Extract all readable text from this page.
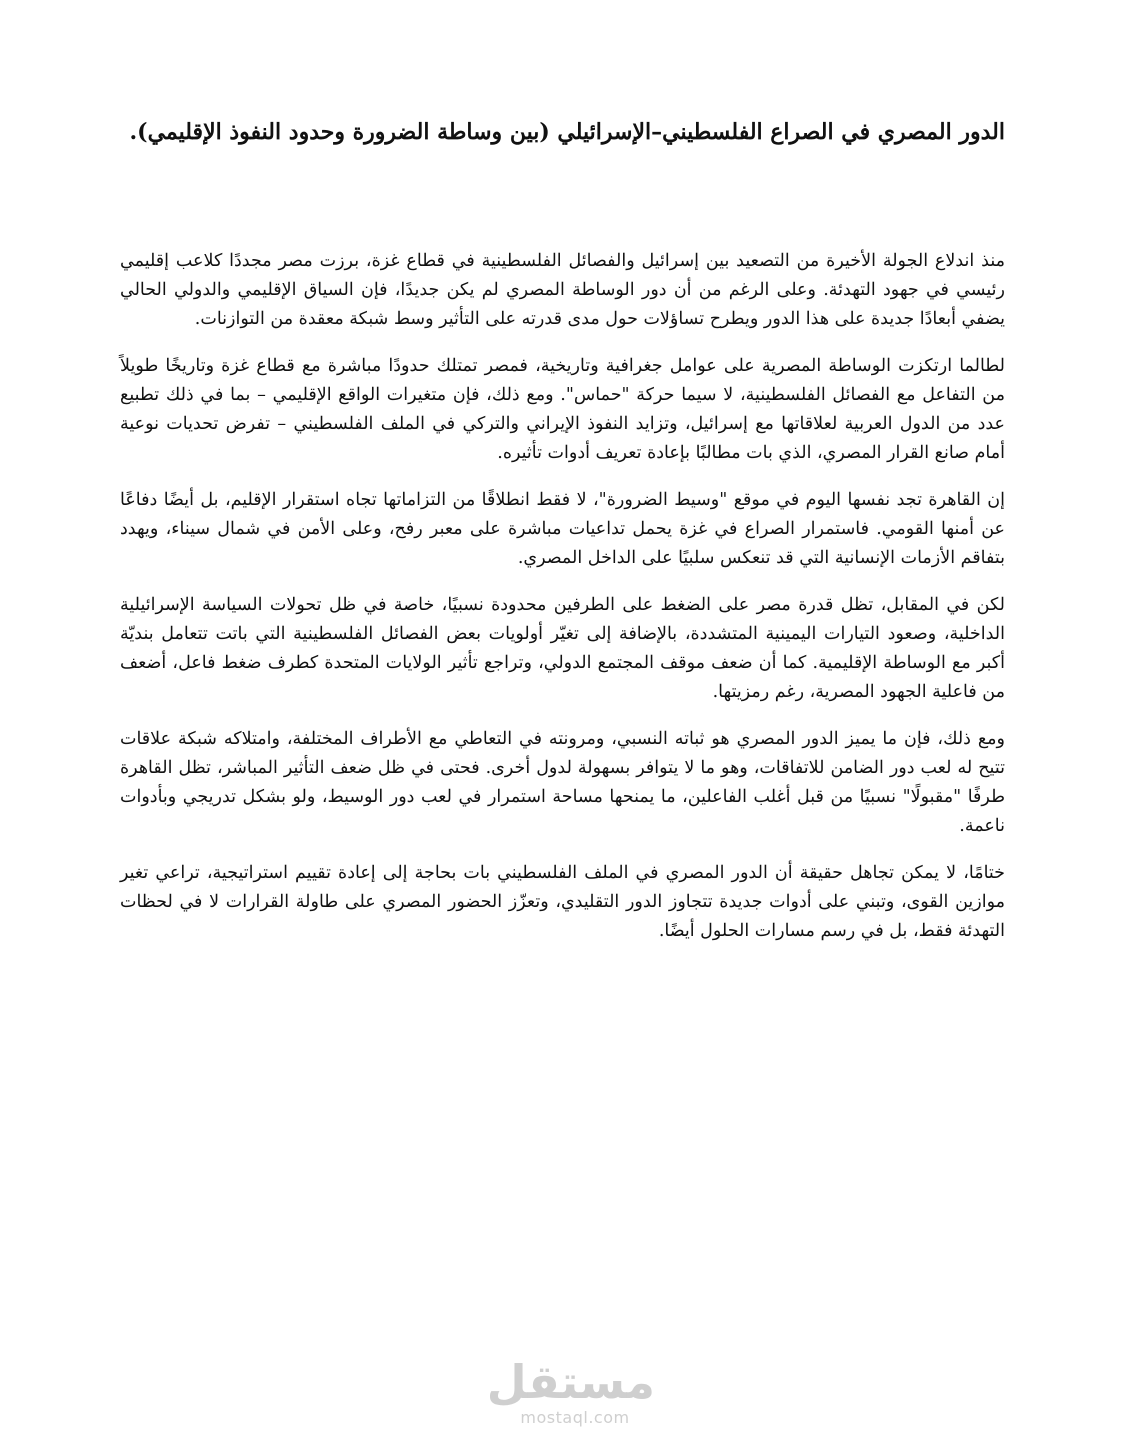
الدور المصري في الصراع الفلسطيني–الإسرائيلي (بين وساطة الضرورة وحدود النفوذ الإقليمي).

منذ اندلاع الجولة الأخيرة من التصعيد بين إسرائيل والفصائل الفلسطينية في قطاع غزة، برزت مصر مجددًا كلاعب إقليمي رئيسي في جهود التهدئة. وعلى الرغم من أن دور الوساطة المصري لم يكن جديدًا، فإن السياق الإقليمي والدولي الحالي يضفي أبعادًا جديدة على هذا الدور ويطرح تساؤلات حول مدى قدرته على التأثير وسط شبكة معقدة من التوازنات.

لطالما ارتكزت الوساطة المصرية على عوامل جغرافية وتاريخية، فمصر تمتلك حدودًا مباشرة مع قطاع غزة وتاريخًا طويلاً من التفاعل مع الفصائل الفلسطينية، لا سيما حركة "حماس". ومع ذلك، فإن متغيرات الواقع الإقليمي – بما في ذلك تطبيع عدد من الدول العربية لعلاقاتها مع إسرائيل، وتزايد النفوذ الإيراني والتركي في الملف الفلسطيني – تفرض تحديات نوعية أمام صانع القرار المصري، الذي بات مطالبًا بإعادة تعريف أدوات تأثيره.

إن القاهرة تجد نفسها اليوم في موقع "وسيط الضرورة"، لا فقط انطلاقًا من التزاماتها تجاه استقرار الإقليم، بل أيضًا دفاعًا عن أمنها القومي. فاستمرار الصراع في غزة يحمل تداعيات مباشرة على معبر رفح، وعلى الأمن في شمال سيناء، ويهدد بتفاقم الأزمات الإنسانية التي قد تنعكس سلبيًا على الداخل المصري.

لكن في المقابل، تظل قدرة مصر على الضغط على الطرفين محدودة نسبيًا، خاصة في ظل تحولات السياسة الإسرائيلية الداخلية، وصعود التيارات اليمينية المتشددة، بالإضافة إلى تغيّر أولويات بعض الفصائل الفلسطينية التي باتت تتعامل بنديّة أكبر مع الوساطة الإقليمية. كما أن ضعف موقف المجتمع الدولي، وتراجع تأثير الولايات المتحدة كطرف ضغط فاعل، أضعف من فاعلية الجهود المصرية، رغم رمزيتها.

ومع ذلك، فإن ما يميز الدور المصري هو ثباته النسبي، ومرونته في التعاطي مع الأطراف المختلفة، وامتلاكه شبكة علاقات تتيح له لعب دور الضامن للاتفاقات، وهو ما لا يتوافر بسهولة لدول أخرى. فحتى في ظل ضعف التأثير المباشر، تظل القاهرة طرفًا "مقبولًا" نسبيًا من قبل أغلب الفاعلين، ما يمنحها مساحة استمرار في لعب دور الوسيط، ولو بشكل تدريجي وبأدوات ناعمة.

ختامًا، لا يمكن تجاهل حقيقة أن الدور المصري في الملف الفلسطيني بات بحاجة إلى إعادة تقييم استراتيجية، تراعي تغير موازين القوى، وتبني على أدوات جديدة تتجاوز الدور التقليدي، وتعزّز الحضور المصري على طاولة القرارات لا في لحظات التهدئة فقط، بل في رسم مسارات الحلول أيضًا.

مستقل
mostaql.com
